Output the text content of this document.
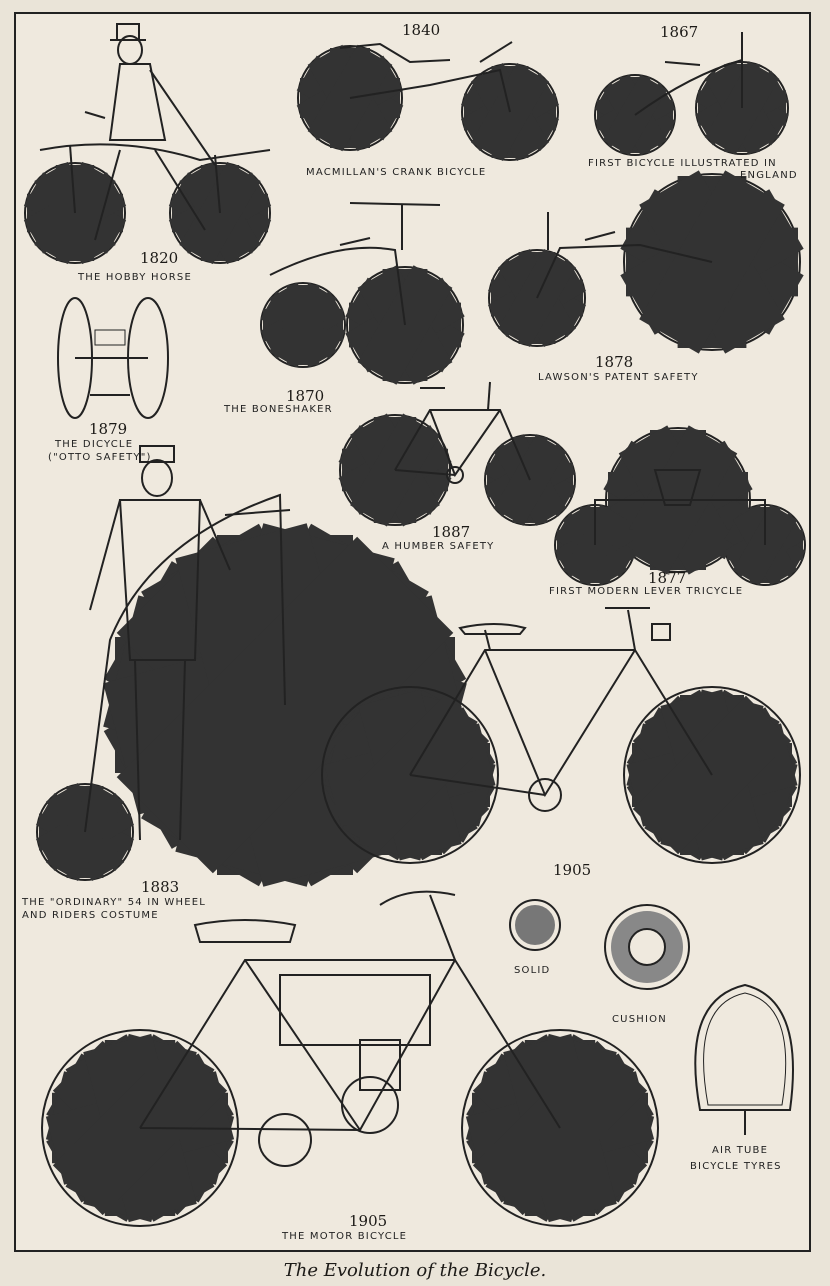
1820
THE HOBBY HORSE
1840
MACMILLAN'S CRANK BICYCLE
1867
FIRST BICYCLE ILLUSTRATED IN
ENGLAND
1870
THE BONESHAKER
1878
LAWSON'S PATENT SAFETY
1879
THE DICYCLE
("OTTO SAFETY")
1887
A HUMBER SAFETY
1877
FIRST MODERN LEVER TRICYCLE
1883
THE "ORDINARY" 54 IN WHEEL
AND RIDERS COSTUME
1905
1905
THE MOTOR BICYCLE
SOLID
CUSHION
AIR TUBE
BICYCLE TYRES
The Evolution of the Bicycle.
